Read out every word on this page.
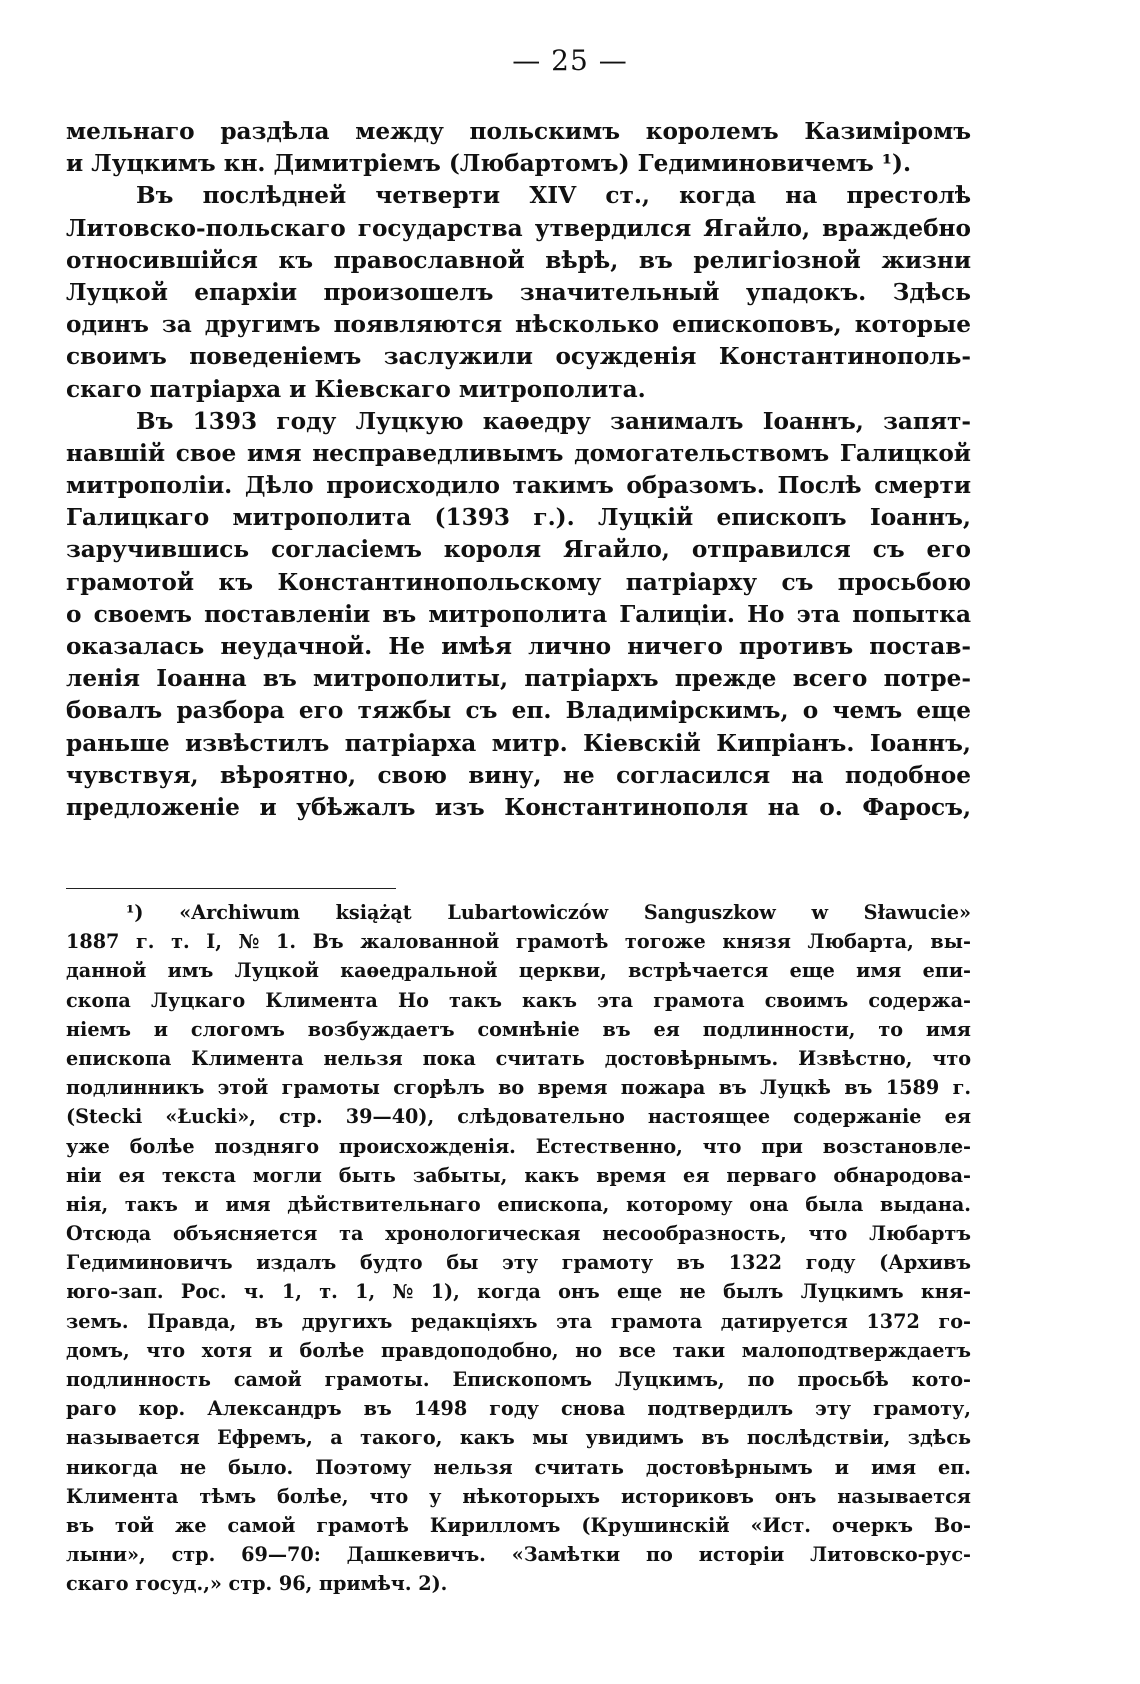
— 25 —
мельнаго раздѣла между польскимъ королемъ Казиміромъ
и Луцкимъ кн. Димитріемъ (Любартомъ) Гедиминовичемъ ¹).
Въ послѣдней четверти XIV ст., когда на престолѣ
Литовско-польскаго государства утвердился Ягайло, враждебно
относившійся къ православной вѣрѣ, въ религіозной жизни
Луцкой епархіи произошелъ значительный упадокъ. Здѣсь
одинъ за другимъ появляются нѣсколько епископовъ, которые
своимъ поведеніемъ заслужили осужденія Константинополь-
скаго патріарха и Кіевскаго митрополита.
Въ 1393 году Луцкую каѳедру занималъ Іоаннъ, запят-
навшій свое имя несправедливымъ домогательствомъ Галицкой
митрополіи. Дѣло происходило такимъ образомъ. Послѣ смерти
Галицкаго митрополита (1393 г.). Луцкій епископъ Іоаннъ,
заручившись согласіемъ короля Ягайло, отправился съ его
грамотой къ Константинопольскому патріарху съ просьбою
о своемъ поставленіи въ митрополита Галиціи. Но эта попытка
оказалась неудачной. Не имѣя лично ничего противъ постав-
ленія Іоанна въ митрополиты, патріархъ прежде всего потре-
бовалъ разбора его тяжбы съ еп. Владимірскимъ, о чемъ еще
раньше извѣстилъ патріарха митр. Кіевскій Кипріанъ. Іоаннъ,
чувствуя, вѣроятно, свою вину, не согласился на подобное
предложеніе и убѣжалъ изъ Константинополя на о. Фаросъ,
¹) «Archiwum książąt Lubartowiczów Sanguszkow w Sławucie»
1887 г. т. I, № 1. Въ жалованной грамотѣ тогоже князя Любарта, вы-
данной имъ Луцкой каѳедральной церкви, встрѣчается еще имя епи-
скопа Луцкаго Климента Но такъ какъ эта грамота своимъ содержа-
ніемъ и слогомъ возбуждаетъ сомнѣніе въ ея подлинности, то имя
епископа Климента нельзя пока считать достовѣрнымъ. Извѣстно, что
подлинникъ этой грамоты сгорѣлъ во время пожара въ Луцкѣ въ 1589 г.
(Stecki «Łucki», стр. 39—40), слѣдовательно настоящее содержаніе ея
уже болѣе поздняго происхожденія. Естественно, что при возстановле-
ніи ея текста могли быть забыты, какъ время ея перваго обнародова-
нія, такъ и имя дѣйствительнаго епископа, которому она была выдана.
Отсюда объясняется та хронологическая несообразность, что Любартъ
Гедиминовичъ издалъ будто бы эту грамоту въ 1322 году (Архивъ
юго-зап. Рос. ч. 1, т. 1, № 1), когда онъ еще не былъ Луцкимъ кня-
земъ. Правда, въ другихъ редакціяхъ эта грамота датируется 1372 го-
домъ, что хотя и болѣе правдоподобно, но все таки малоподтверждаетъ
подлинность самой грамоты. Епископомъ Луцкимъ, по просьбѣ кото-
раго кор. Александръ въ 1498 году снова подтвердилъ эту грамоту,
называется Ефремъ, а такого, какъ мы увидимъ въ послѣдствіи, здѣсь
никогда не было. Поэтому нельзя считать достовѣрнымъ и имя еп.
Климента тѣмъ болѣе, что у нѣкоторыхъ историковъ онъ называется
въ той же самой грамотѣ Кирилломъ (Крушинскій «Ист. очеркъ Во-
лыни», стр. 69—70: Дашкевичъ. «Замѣтки по исторіи Литовско-рус-
скаго госуд.,» стр. 96, примѣч. 2).
